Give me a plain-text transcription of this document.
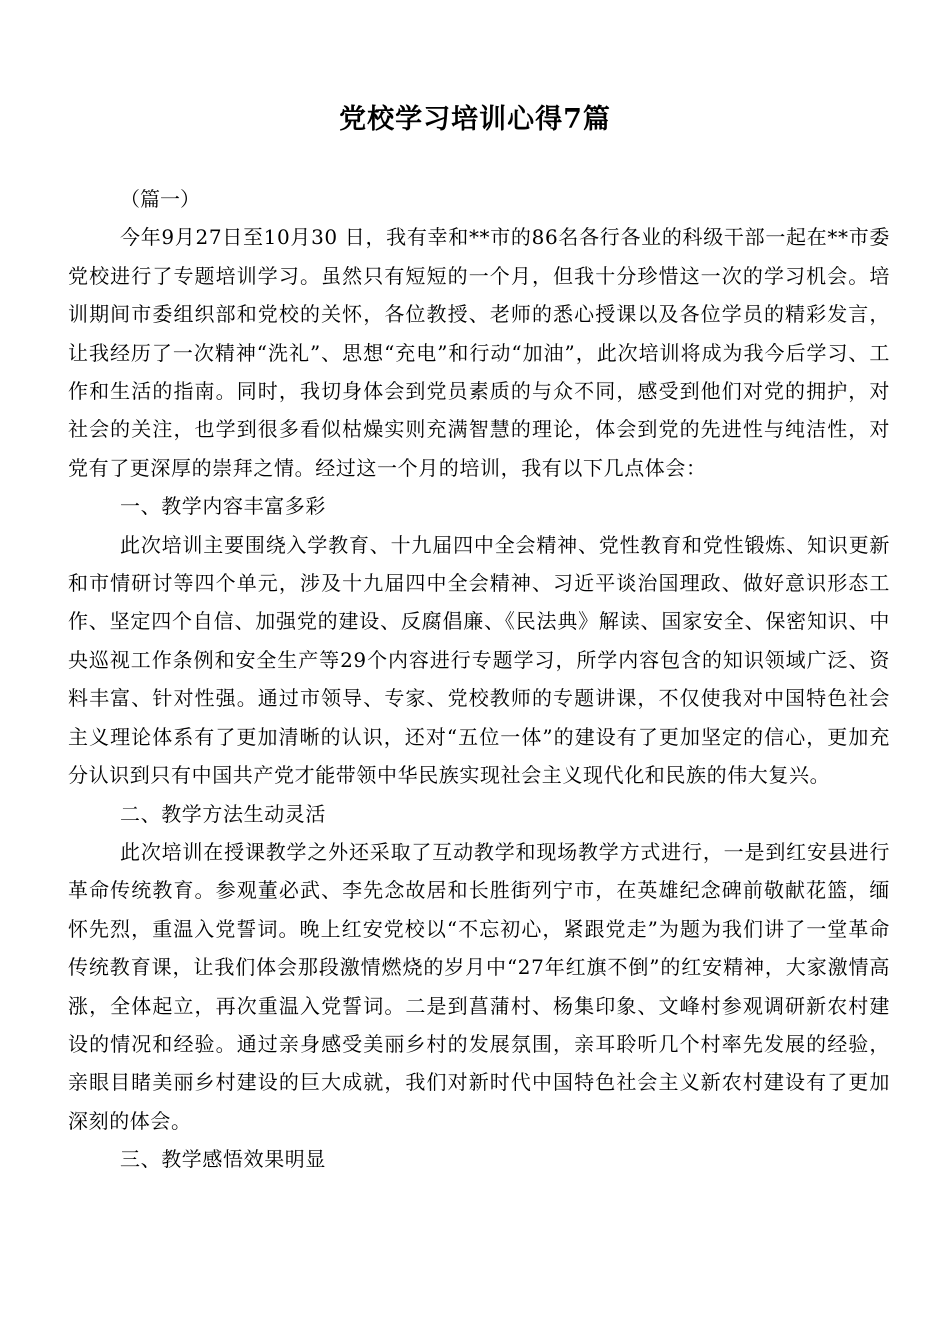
党校学习培训心得7篇

（篇一）

今年9月27日至10月30 日，我有幸和**市的86名各行各业的科级干部一起在**市委党校进行了专题培训学习。虽然只有短短的一个月，但我十分珍惜这一次的学习机会。培训期间市委组织部和党校的关怀，各位教授、老师的悉心授课以及各位学员的精彩发言，让我经历了一次精神“洗礼”、思想“充电”和行动“加油”，此次培训将成为我今后学习、工作和生活的指南。同时，我切身体会到党员素质的与众不同，感受到他们对党的拥护，对社会的关注，也学到很多看似枯燥实则充满智慧的理论，体会到党的先进性与纯洁性，对党有了更深厚的崇拜之情。经过这一个月的培训，我有以下几点体会：

一、教学内容丰富多彩

此次培训主要围绕入学教育、十九届四中全会精神、党性教育和党性锻炼、知识更新和市情研讨等四个单元，涉及十九届四中全会精神、习近平谈治国理政、做好意识形态工作、坚定四个自信、加强党的建设、反腐倡廉、《民法典》解读、国家安全、保密知识、中央巡视工作条例和安全生产等29个内容进行专题学习，所学内容包含的知识领域广泛、资料丰富、针对性强。通过市领导、专家、党校教师的专题讲课，不仅使我对中国特色社会主义理论体系有了更加清晰的认识，还对“五位一体”的建设有了更加坚定的信心，更加充分认识到只有中国共产党才能带领中华民族实现社会主义现代化和民族的伟大复兴。

二、教学方法生动灵活

此次培训在授课教学之外还采取了互动教学和现场教学方式进行，一是到红安县进行革命传统教育。参观董必武、李先念故居和长胜街列宁市，在英雄纪念碑前敬献花篮，缅怀先烈，重温入党誓词。晚上红安党校以“不忘初心，紧跟党走”为题为我们讲了一堂革命传统教育课，让我们体会那段激情燃烧的岁月中“27年红旗不倒”的红安精神，大家激情高涨，全体起立，再次重温入党誓词。二是到菖蒲村、杨集印象、文峰村参观调研新农村建设的情况和经验。通过亲身感受美丽乡村的发展氛围，亲耳聆听几个村率先发展的经验，亲眼目睹美丽乡村建设的巨大成就，我们对新时代中国特色社会主义新农村建设有了更加深刻的体会。

三、教学感悟效果明显
